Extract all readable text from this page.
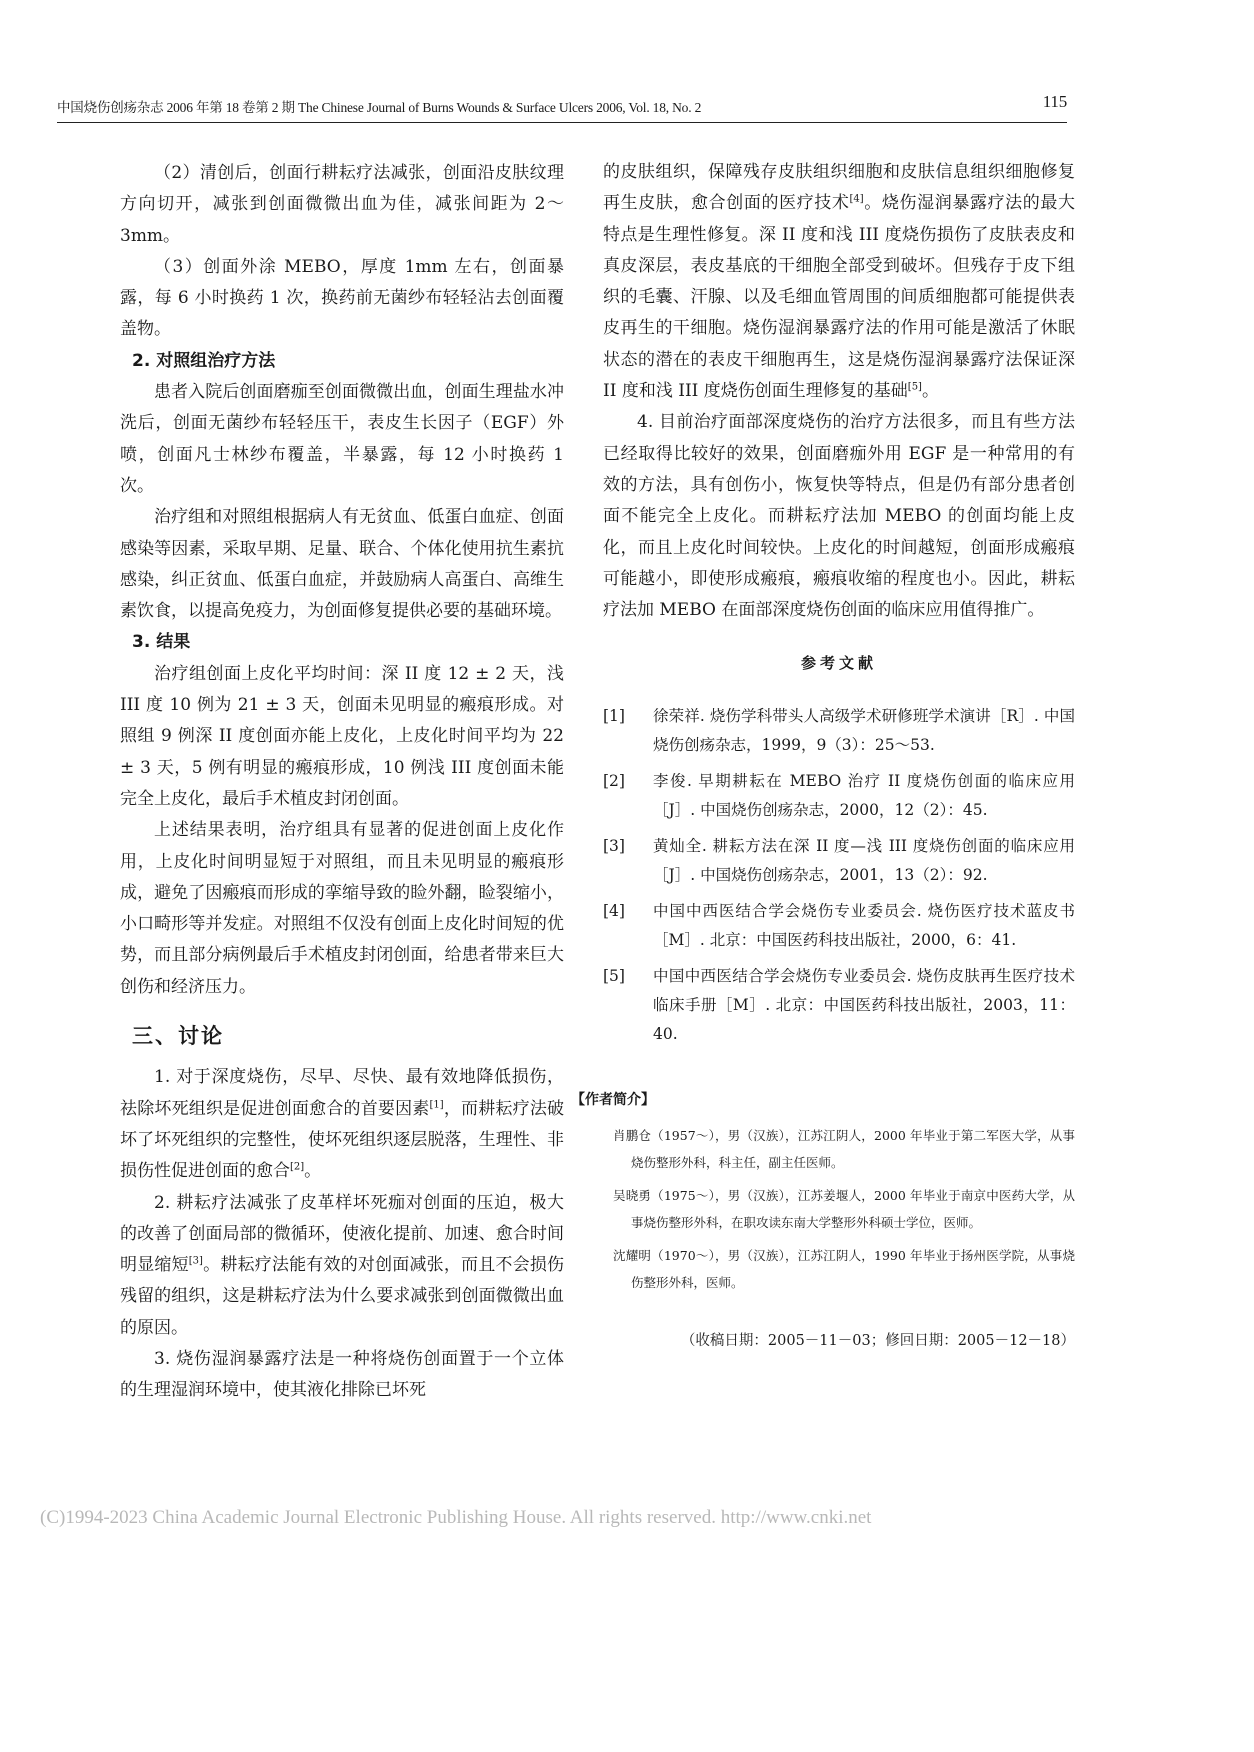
中国烧伤创疡杂志 2006 年第 18 卷第 2 期 The Chinese Journal of Burns Wounds & Surface Ulcers 2006, Vol. 18, No. 2	115

（2）清创后，创面行耕耘疗法减张，创面沿皮肤纹理方向切开，减张到创面微微出血为佳，减张间距为 2～3mm。

（3）创面外涂 MEBO，厚度 1mm 左右，创面暴露，每 6 小时换药 1 次，换药前无菌纱布轻轻沾去创面覆盖物。

2. 对照组治疗方法

患者入院后创面磨痂至创面微微出血，创面生理盐水冲洗后，创面无菌纱布轻轻压干，表皮生长因子（EGF）外喷，创面凡士林纱布覆盖，半暴露，每 12 小时换药 1 次。

治疗组和对照组根据病人有无贫血、低蛋白血症、创面感染等因素，采取早期、足量、联合、个体化使用抗生素抗感染，纠正贫血、低蛋白血症，并鼓励病人高蛋白、高维生素饮食，以提高免疫力，为创面修复提供必要的基础环境。

3. 结果

治疗组创面上皮化平均时间：深 II 度 12 ± 2 天，浅 III 度 10 例为 21 ± 3 天，创面未见明显的瘢痕形成。对照组 9 例深 II 度创面亦能上皮化，上皮化时间平均为 22 ± 3 天，5 例有明显的瘢痕形成，10 例浅 III 度创面未能完全上皮化，最后手术植皮封闭创面。

上述结果表明，治疗组具有显著的促进创面上皮化作用，上皮化时间明显短于对照组，而且未见明显的瘢痕形成，避免了因瘢痕而形成的挛缩导致的睑外翻，睑裂缩小，小口畸形等并发症。对照组不仅没有创面上皮化时间短的优势，而且部分病例最后手术植皮封闭创面，给患者带来巨大创伤和经济压力。

三、讨论

1. 对于深度烧伤，尽早、尽快、最有效地降低损伤，祛除坏死组织是促进创面愈合的首要因素[1]，而耕耘疗法破坏了坏死组织的完整性，使坏死组织逐层脱落，生理性、非损伤性促进创面的愈合[2]。

2. 耕耘疗法减张了皮革样坏死痂对创面的压迫，极大的改善了创面局部的微循环，使液化提前、加速、愈合时间明显缩短[3]。耕耘疗法能有效的对创面减张，而且不会损伤残留的组织，这是耕耘疗法为什么要求减张到创面微微出血的原因。

3. 烧伤湿润暴露疗法是一种将烧伤创面置于一个立体的生理湿润环境中，使其液化排除已坏死

的皮肤组织，保障残存皮肤组织细胞和皮肤信息组织细胞修复再生皮肤，愈合创面的医疗技术[4]。烧伤湿润暴露疗法的最大特点是生理性修复。深 II 度和浅 III 度烧伤损伤了皮肤表皮和真皮深层，表皮基底的干细胞全部受到破坏。但残存于皮下组织的毛囊、汗腺、以及毛细血管周围的间质细胞都可能提供表皮再生的干细胞。烧伤湿润暴露疗法的作用可能是激活了休眠状态的潜在的表皮干细胞再生，这是烧伤湿润暴露疗法保证深 II 度和浅 III 度烧伤创面生理修复的基础[5]。

4. 目前治疗面部深度烧伤的治疗方法很多，而且有些方法已经取得比较好的效果，创面磨痂外用 EGF 是一种常用的有效的方法，具有创伤小，恢复快等特点，但是仍有部分患者创面不能完全上皮化。而耕耘疗法加 MEBO 的创面均能上皮化，而且上皮化时间较快。上皮化的时间越短，创面形成瘢痕可能越小，即使形成瘢痕，瘢痕收缩的程度也小。因此，耕耘疗法加 MEBO 在面部深度烧伤创面的临床应用值得推广。

参考文献

[1] 徐荣祥. 烧伤学科带头人高级学术研修班学术演讲［R］. 中国烧伤创疡杂志，1999，9（3）：25～53.

[2] 李俊. 早期耕耘在 MEBO 治疗 II 度烧伤创面的临床应用［J］. 中国烧伤创疡杂志，2000，12（2）：45.

[3] 黄灿全. 耕耘方法在深 II 度—浅 III 度烧伤创面的临床应用［J］. 中国烧伤创疡杂志，2001，13（2）：92.

[4] 中国中西医结合学会烧伤专业委员会. 烧伤医疗技术蓝皮书［M］. 北京：中国医药科技出版社，2000，6：41.

[5] 中国中西医结合学会烧伤专业委员会. 烧伤皮肤再生医疗技术临床手册［M］. 北京：中国医药科技出版社，2003，11：40.

【作者简介】

肖鹏仓（1957～），男（汉族），江苏江阴人，2000 年毕业于第二军医大学，从事烧伤整形外科，科主任，副主任医师。

吴晓勇（1975～），男（汉族），江苏姜堰人，2000 年毕业于南京中医药大学，从事烧伤整形外科，在职攻读东南大学整形外科硕士学位，医师。

沈耀明（1970～），男（汉族），江苏江阴人，1990 年毕业于扬州医学院，从事烧伤整形外科，医师。

（收稿日期：2005－11－03；修回日期：2005－12－18）

(C)1994-2023 China Academic Journal Electronic Publishing House. All rights reserved. http://www.cnki.net
